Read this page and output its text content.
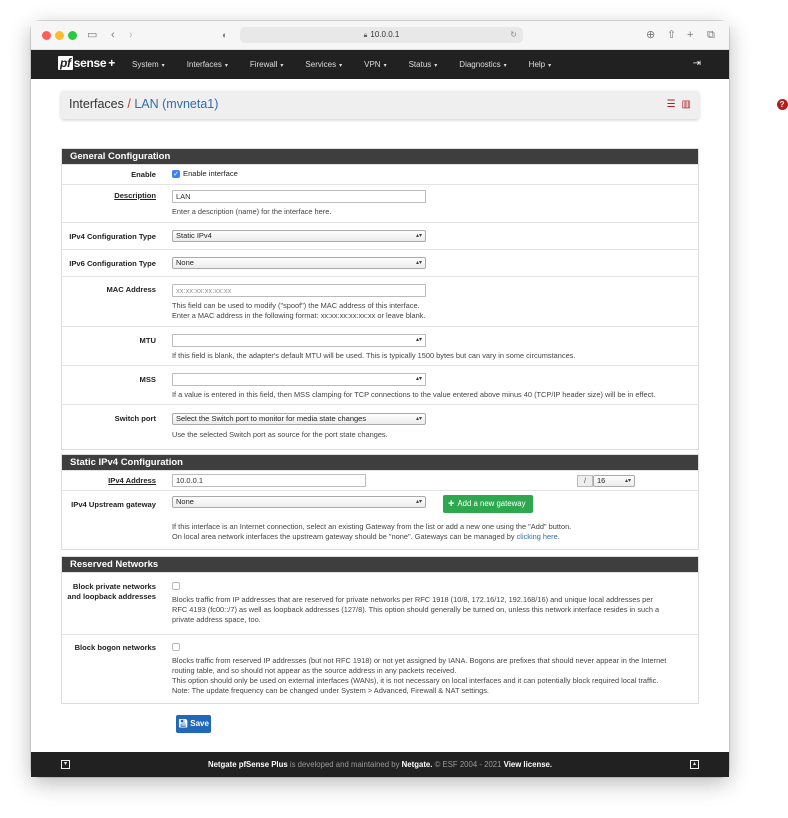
▭ ‹ ›	◐	🔒︎ 10.0.0.1	↻	⊕ ⇧ + ⧉
pf sense + System ▾	Interfaces ▾	Firewall ▾	Services ▾	VPN ▾	Status ▾	Diagnostics ▾	Help ▾	⇥
Interfaces / LAN (mvneta1)	☰ ▥	?
General Configuration
Enable ✓ Enable interface
Description	LAN
Enter a description (name) for the interface here.
IPv4 Configuration Type	Static IPv4	▴▾
IPv6 Configuration Type	None	▴▾
MAC Address	xx:xx:xx:xx:xx:xx
This field can be used to modify ("spoof") the MAC address of this interface.
Enter a MAC address in the following format: xx:xx:xx:xx:xx:xx or leave blank.
MTU	▴▾
If this field is blank, the adapter's default MTU will be used. This is typically 1500 bytes but can vary in some circumstances.
MSS	▴▾
If a value is entered in this field, then MSS clamping for TCP connections to the value entered above minus 40 (TCP/IP header size) will be in effect.
Switch port	Select the Switch port to monitor for media state changes	▴▾
Use the selected Switch port as source for the port state changes.
Static IPv4 Configuration
IPv4 Address	10.0.0.1	/	16	▴▾
IPv4 Upstream gateway	None	▴▾	+ Add a new gateway
If this interface is an Internet connection, select an existing Gateway from the list or add a new one using the "Add" button.
On local area network interfaces the upstream gateway should be "none". Gateways can be managed by clicking here.
Reserved Networks
Block private networks
and loopback addresses Blocks traffic from IP addresses that are reserved for private networks per RFC 1918 (10/8, 172.16/12, 192.168/16) and unique local addresses per
RFC 4193 (fc00::/7) as well as loopback addresses (127/8). This option should generally be turned on, unless this network interface resides in such a
private address space, too.
Block bogon networks
Blocks traffic from reserved IP addresses (but not RFC 1918) or not yet assigned by IANA. Bogons are prefixes that should never appear in the Internet
routing table, and so should not appear as the source address in any packets received.
This option should only be used on external interfaces (WANs), it is not necessary on local interfaces and it can potentially block required local traffic.
Note: The update frequency can be changed under System > Advanced, Firewall & NAT settings.
💾︎ Save
▾	Netgate pfSense Plus is developed and maintained by Netgate. © ESF 2004 - 2021 View license.	▴
